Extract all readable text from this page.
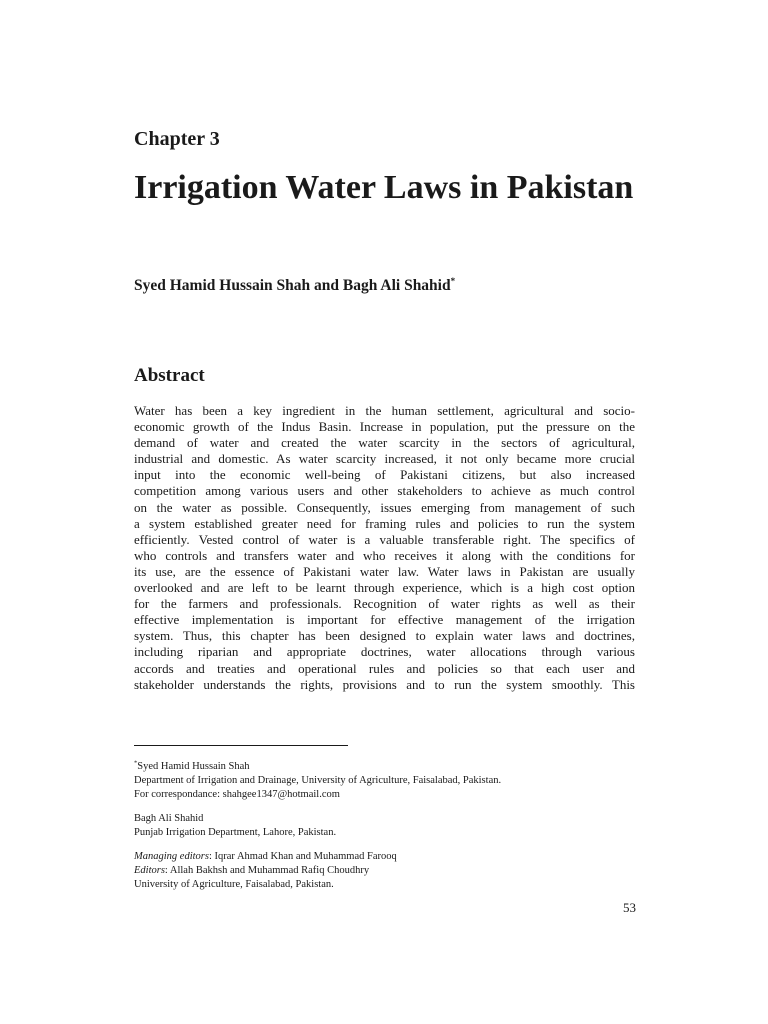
Chapter 3
Irrigation Water Laws in Pakistan
Syed Hamid Hussain Shah and Bagh Ali Shahid*
Abstract
Water has been a key ingredient in the human settlement, agricultural and socio-
economic growth of the Indus Basin. Increase in population, put the pressure on the
demand of water and created the water scarcity in the sectors of agricultural,
industrial and domestic. As water scarcity increased, it not only became more crucial
input into the economic well-being of Pakistani citizens, but also increased
competition among various users and other stakeholders to achieve as much control
on the water as possible. Consequently, issues emerging from management of such
a system established greater need for framing rules and policies to run the system
efficiently. Vested control of water is a valuable transferable right. The specifics of
who controls and transfers water and who receives it along with the conditions for
its use, are the essence of Pakistani water law. Water laws in Pakistan are usually
overlooked and are left to be learnt through experience, which is a high cost option
for the farmers and professionals. Recognition of water rights as well as their
effective implementation is important for effective management of the irrigation
system. Thus, this chapter has been designed to explain water laws and doctrines,
including riparian and appropriate doctrines, water allocations through various
accords and treaties and operational rules and policies so that each user and
stakeholder understands the rights, provisions and to run the system smoothly. This
*Syed Hamid Hussain Shah
Department of Irrigation and Drainage, University of Agriculture, Faisalabad, Pakistan.
For correspondance: shahgee1347@hotmail.com
Bagh Ali Shahid
Punjab Irrigation Department, Lahore, Pakistan.
Managing editors: Iqrar Ahmad Khan and Muhammad Farooq
Editors: Allah Bakhsh and Muhammad Rafiq Choudhry
University of Agriculture, Faisalabad, Pakistan.
53
